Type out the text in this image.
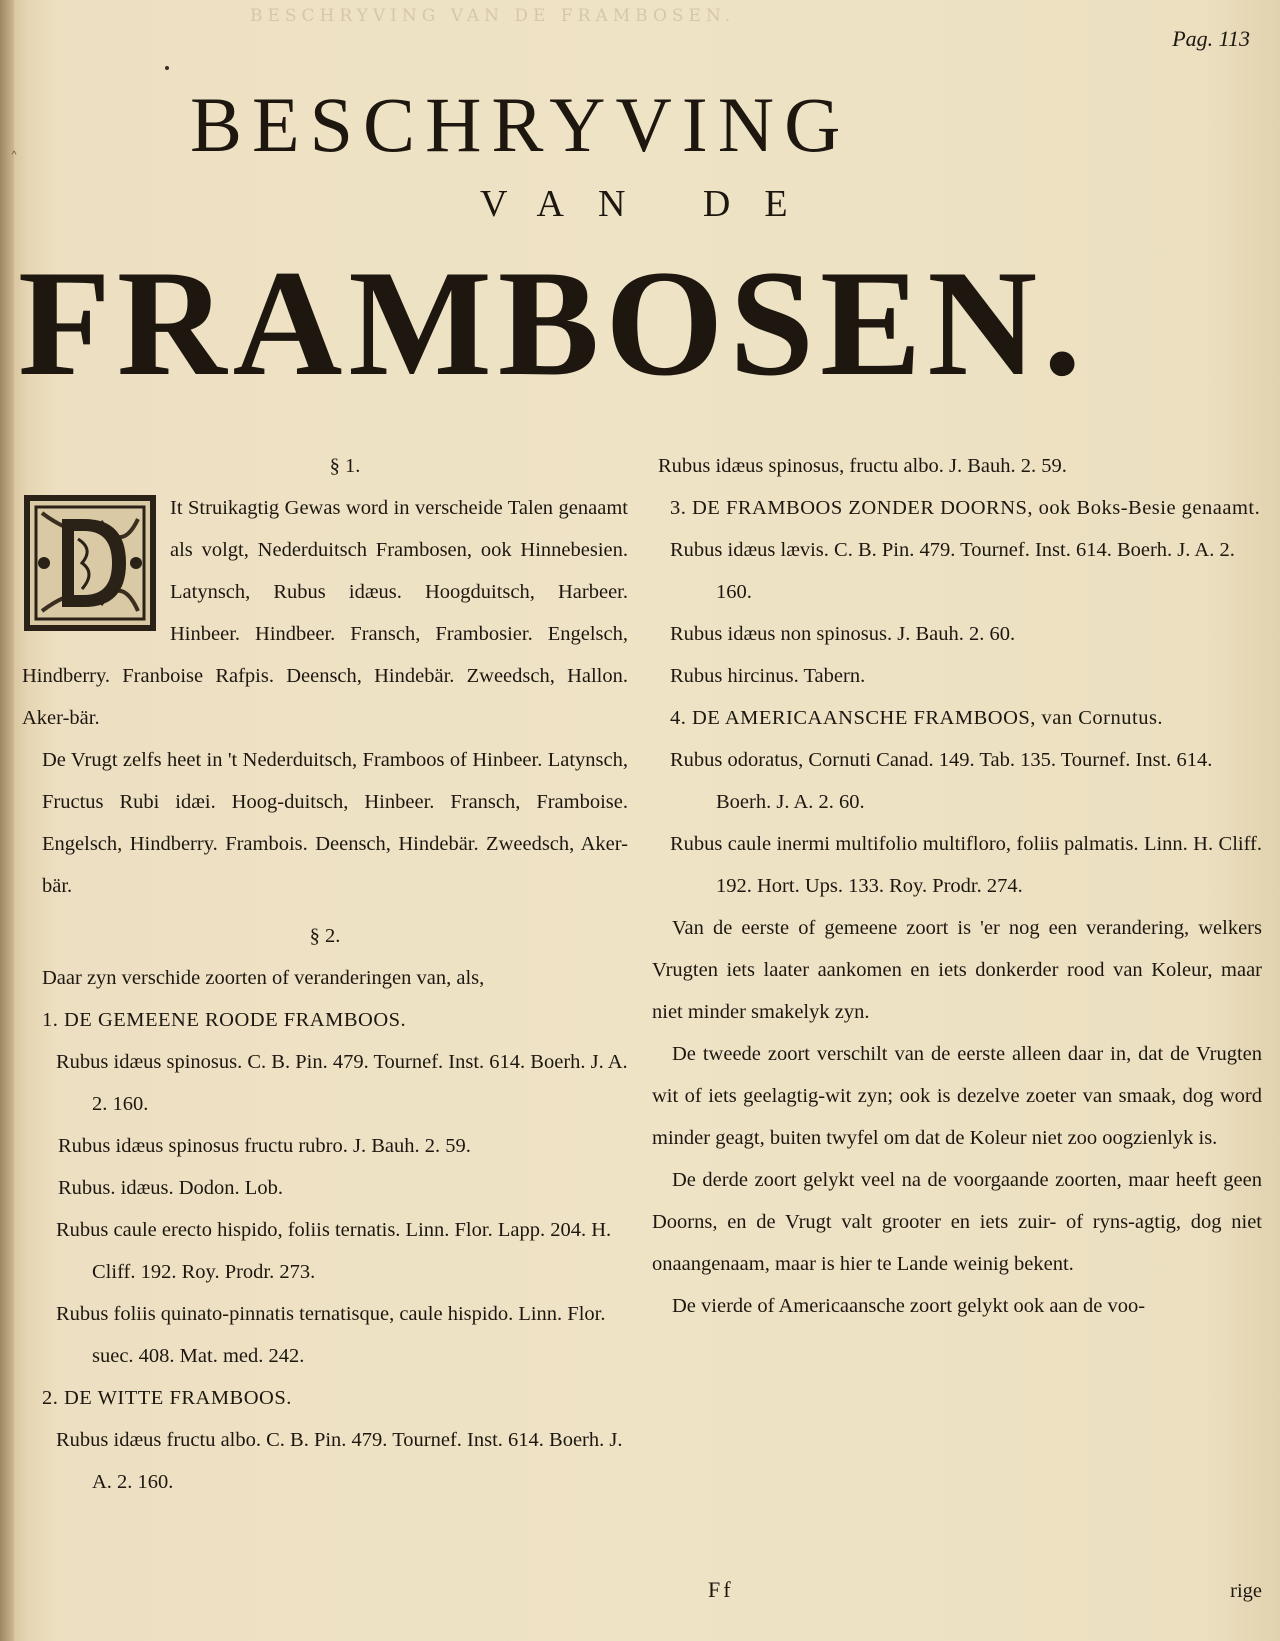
˰
BESCHRYVING VAN DE FRAMBOSEN.
Pag. 113
BESCHRYVING
VAN DE
FRAMBOSEN.
§ 1.
It Struikagtig Gewas word in verscheide Talen genaamt als volgt, Nederduitsch Frambosen, ook Hinnebesien. Latynsch, Rubus idæus. Hoogduitsch, Harbeer. Hinbeer. Hindbeer. Fransch, Frambosier. Engelsch, Hindberry. Franboise Rafpis. Deensch, Hindebär. Zweedsch, Hallon. Aker-bär.
De Vrugt zelfs heet in 't Nederduitsch, Framboos of Hinbeer. Latynsch, Fructus Rubi idæi. Hoog-duitsch, Hinbeer. Fransch, Framboise. Engelsch, Hindberry. Frambois. Deensch, Hindebär. Zweedsch, Aker-bär.
§ 2.
Daar zyn verschide zoorten of veranderingen van, als,
1. DE GEMEENE ROODE FRAMBOOS.
Rubus idæus spinosus. C. B. Pin. 479. Tournef. Inst. 614. Boerh. J. A. 2. 160.
Rubus idæus spinosus fructu rubro. J. Bauh. 2. 59.
Rubus. idæus. Dodon. Lob.
Rubus caule erecto hispido, foliis ternatis. Linn. Flor. Lapp. 204. H. Cliff. 192. Roy. Prodr. 273.
Rubus foliis quinato-pinnatis ternatisque, caule hispido. Linn. Flor. suec. 408. Mat. med. 242.
2. DE WITTE FRAMBOOS.
Rubus idæus fructu albo. C. B. Pin. 479. Tournef. Inst. 614. Boerh. J. A. 2. 160.
Rubus idæus spinosus, fructu albo. J. Bauh. 2. 59.
3. DE FRAMBOOS ZONDER DOORNS, ook Boks-Besie genaamt.
Rubus idæus lævis. C. B. Pin. 479. Tournef. Inst. 614. Boerh. J. A. 2. 160.
Rubus idæus non spinosus. J. Bauh. 2. 60.
Rubus hircinus. Tabern.
4. DE AMERICAANSCHE FRAMBOOS, van Cornutus.
Rubus odoratus, Cornuti Canad. 149. Tab. 135. Tournef. Inst. 614. Boerh. J. A. 2. 60.
Rubus caule inermi multifolio multifloro, foliis palmatis. Linn. H. Cliff. 192. Hort. Ups. 133. Roy. Prodr. 274.
Van de eerste of gemeene zoort is 'er nog een verandering, welkers Vrugten iets laater aankomen en iets donkerder rood van Koleur, maar niet minder smakelyk zyn.
De tweede zoort verschilt van de eerste alleen daar in, dat de Vrugten wit of iets geelagtig-wit zyn; ook is dezelve zoeter van smaak, dog word minder geagt, buiten twyfel om dat de Koleur niet zoo oogzienlyk is.
De derde zoort gelykt veel na de voorgaande zoorten, maar heeft geen Doorns, en de Vrugt valt grooter en iets zuir- of ryns-agtig, dog niet onaangenaam, maar is hier te Lande weinig bekent.
De vierde of Americaansche zoort gelykt ook aan de voo-
Ff	rige
